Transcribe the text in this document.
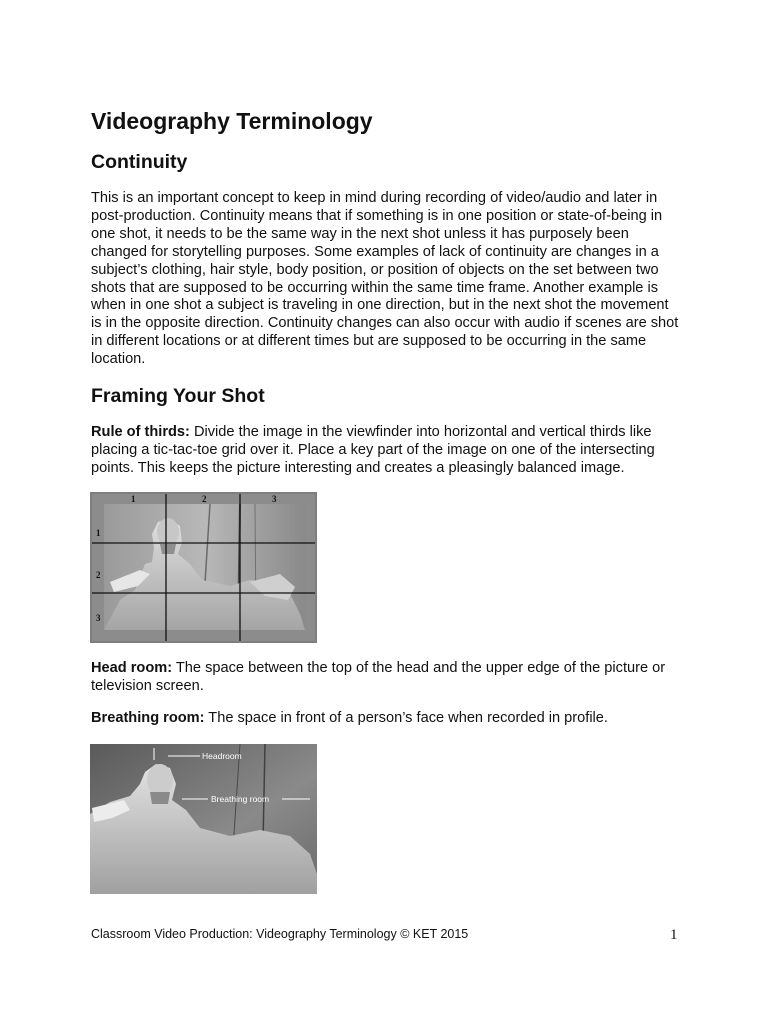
Videography Terminology
Continuity

This is an important concept to keep in mind during recording of video/audio and later in post-production. Continuity means that if something is in one position or state-of-being in one shot, it needs to be the same way in the next shot unless it has purposely been changed for storytelling purposes. Some examples of lack of continuity are changes in a subject’s clothing, hair style, body position, or position of objects on the set between two shots that are supposed to be occurring within the same time frame. Another example is when in one shot a subject is traveling in one direction, but in the next shot the movement is in the opposite direction. Continuity changes can also occur with audio if scenes are shot in different locations or at different times but are supposed to be occurring in the same location.

Framing Your Shot

Rule of thirds: Divide the image in the viewfinder into horizontal and vertical thirds like placing a tic-tac-toe grid over it. Place a key part of the image on one of the intersecting points. This keeps the picture interesting and creates a pleasingly balanced image.

1	2	3
1
2
3

Head room: The space between the top of the head and the upper edge of the picture or television screen.

Breathing room: The space in front of a person’s face when recorded in profile.

Headroom
Breathing room
Classroom Video Production: Videography Terminology © KET 2015	1
